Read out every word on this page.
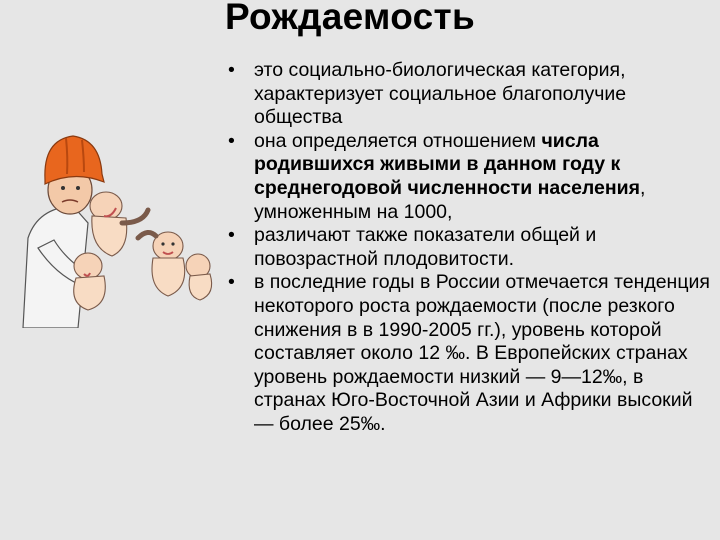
Рождаемость
• это социально-биологическая категория, характеризует социальное благополучие общества
• она определяется отношением числа родившихся живыми в данном году к среднегодовой численности населения, умноженным на 1000,
• различают также показатели общей и повозрастной плодовитости.
• в последние годы в России отмечается тенденция некоторого роста рождаемости (после резкого снижения в в 1990-2005 гг.), уровень которой составляет около 12 ‰. В Европейских странах уровень рождаемости низкий — 9—12‰, в странах Юго-Восточной Азии и Африки высокий — более 25‰.
